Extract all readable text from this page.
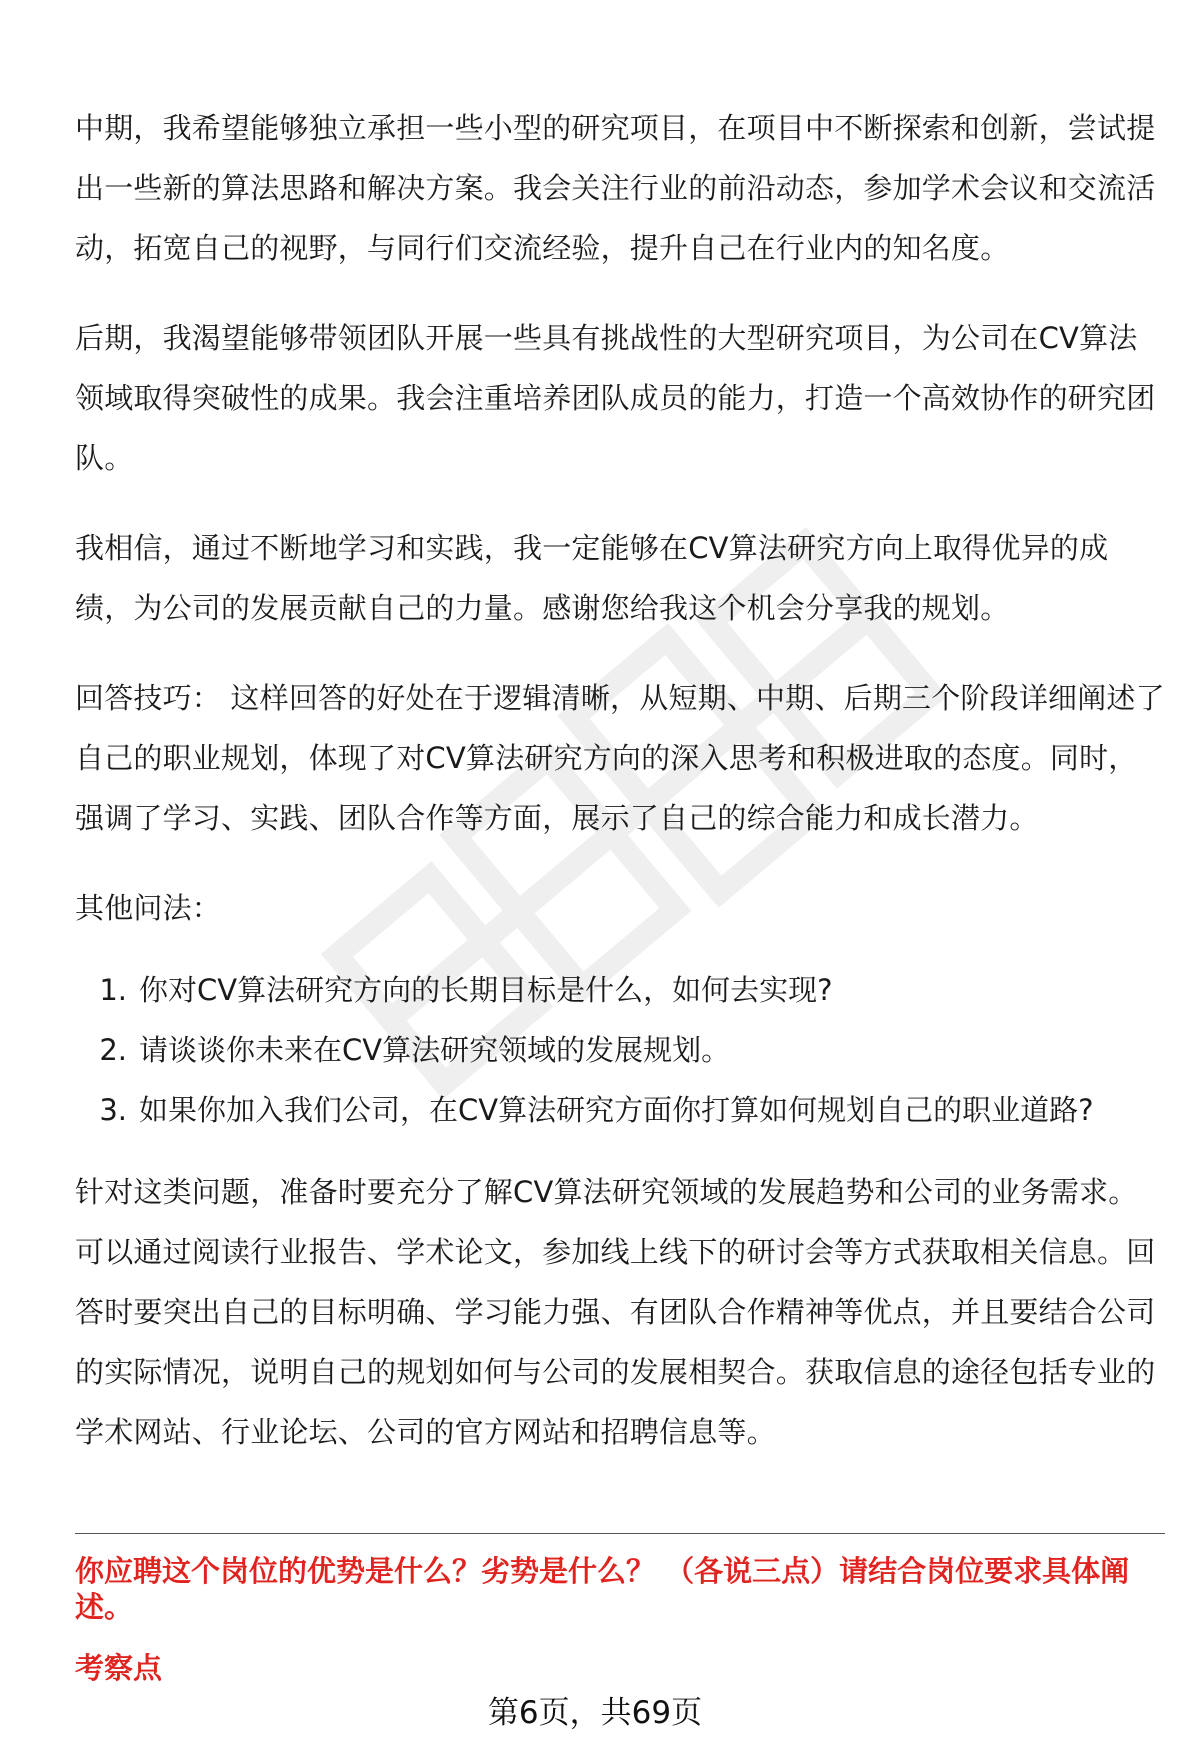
中期，我希望能够独立承担一些小型的研究项目，在项目中不断探索和创新，尝试提出一些新的算法思路和解决方案。我会关注行业的前沿动态，参加学术会议和交流活动，拓宽自己的视野，与同行们交流经验，提升自己在行业内的知名度。

后期，我渴望能够带领团队开展一些具有挑战性的大型研究项目，为公司在CV算法领域取得突破性的成果。我会注重培养团队成员的能力，打造一个高效协作的研究团队。

我相信，通过不断地学习和实践，我一定能够在CV算法研究方向上取得优异的成绩，为公司的发展贡献自己的力量。感谢您给我这个机会分享我的规划。

回答技巧： 这样回答的好处在于逻辑清晰，从短期、中期、后期三个阶段详细阐述了自己的职业规划，体现了对CV算法研究方向的深入思考和积极进取的态度。同时，强调了学习、实践、团队合作等方面，展示了自己的综合能力和成长潜力。

其他问法：

1. 你对CV算法研究方向的长期目标是什么，如何去实现?
2. 请谈谈你未来在CV算法研究领域的发展规划。
3. 如果你加入我们公司，在CV算法研究方面你打算如何规划自己的职业道路?

针对这类问题，准备时要充分了解CV算法研究领域的发展趋势和公司的业务需求。可以通过阅读行业报告、学术论文，参加线上线下的研讨会等方式获取相关信息。回答时要突出自己的目标明确、学习能力强、有团队合作精神等优点，并且要结合公司的实际情况，说明自己的规划如何与公司的发展相契合。获取信息的途径包括专业的学术网站、行业论坛、公司的官方网站和招聘信息等。

你应聘这个岗位的优势是什么？劣势是什么？ （各说三点）请结合岗位要求具体阐述。
考察点
第6页，共69页
